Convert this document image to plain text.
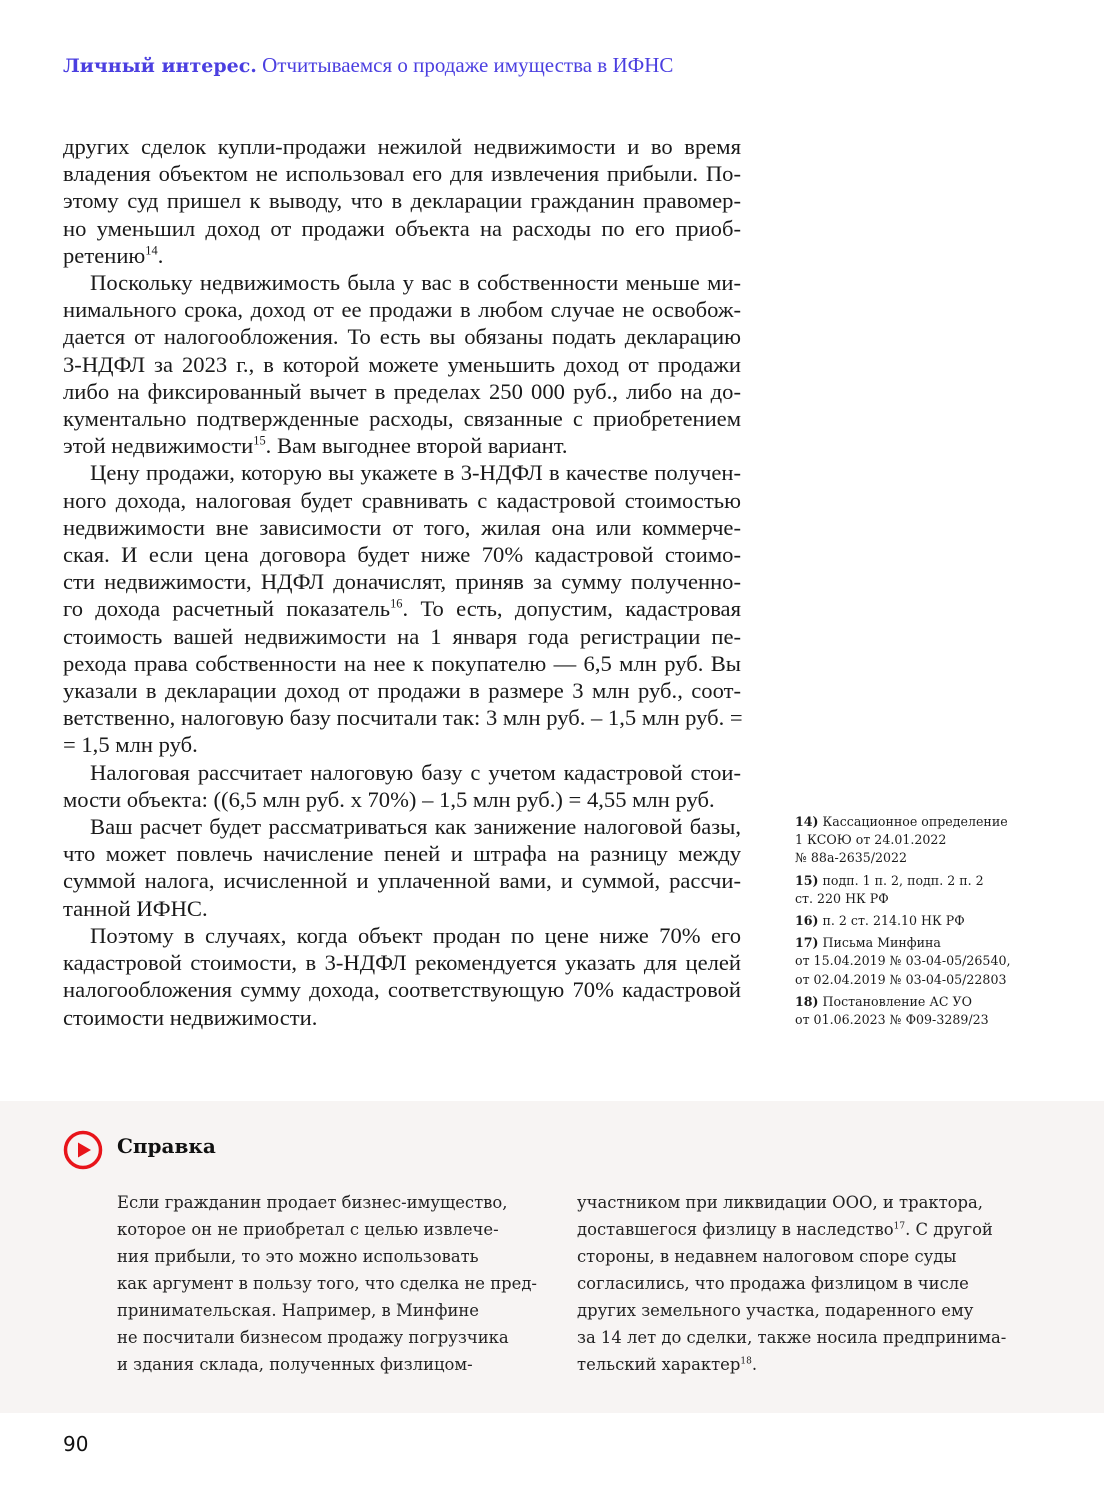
Личный интерес. Отчитываемся о продаже имущества в ИФНС

других сделок купли-продажи нежилой недвижимости и во время
владения объектом не использовал его для извлечения прибыли. По-
этому суд пришел к выводу, что в декларации гражданин правомер-
но уменьшил доход от продажи объекта на расходы по его приоб-
ретению$^{14}$.

Поскольку недвижимость была у вас в собственности меньше ми-
нимального срока, доход от ее продажи в любом случае не освобож-
дается от налогообложения. То есть вы обязаны подать декларацию
3-НДФЛ за 2023 г., в которой можете уменьшить доход от продажи
либо на фиксированный вычет в пределах 250 000 руб., либо на до-
кументально подтвержденные расходы, связанные с приобретением
этой недвижимости$^{15}$. Вам выгоднее второй вариант.

Цену продажи, которую вы укажете в 3-НДФЛ в качестве получен-
ного дохода, налоговая будет сравнивать с кадастровой стоимостью
недвижимости вне зависимости от того, жилая она или коммерче-
ская. И если цена договора будет ниже 70% кадастровой стоимо-
сти недвижимости, НДФЛ доначислят, приняв за сумму полученно-
го дохода расчетный показатель$^{16}$. То есть, допустим, кадастровая
стоимость вашей недвижимости на 1 января года регистрации пе-
рехода права собственности на нее к покупателю — 6,5 млн руб. Вы
указали в декларации доход от продажи в размере 3 млн руб., соот-
ветственно, налоговую базу посчитали так: 3 млн руб. – 1,5 млн руб. =
= 1,5 млн руб.

Налоговая рассчитает налоговую базу с учетом кадастровой стои-
мости объекта: ((6,5 млн руб. х 70%) – 1,5 млн руб.) = 4,55 млн руб.

Ваш расчет будет рассматриваться как занижение налоговой базы,
что может повлечь начисление пеней и штрафа на разницу между
суммой налога, исчисленной и уплаченной вами, и суммой, рассчи-
танной ИФНС.

Поэтому в случаях, когда объект продан по цене ниже 70% его
кадастровой стоимости, в 3-НДФЛ рекомендуется указать для целей
налогообложения сумму дохода, соответствующую 70% кадастровой
стоимости недвижимости.

14) Кассационное определение
1 КСОЮ от 24.01.2022
№ 88а-2635/2022
15) подп. 1 п. 2, подп. 2 п. 2
ст. 220 НК РФ
16) п. 2 ст. 214.10 НК РФ
17) Письма Минфина
от 15.04.2019 № 03-04-05/26540,
от 02.04.2019 № 03-04-05/22803
18) Постановление АС УО
от 01.06.2023 № Ф09-3289/23
Справка
Если гражданин продает бизнес-имущество,
которое он не приобретал с целью извлече-
ния прибыли, то это можно использовать
как аргумент в пользу того, что сделка не пред-
принимательская. Например, в Минфине
не посчитали бизнесом продажу погрузчика
и здания склада, полученных физлицом-
участником при ликвидации ООО, и трактора,
доставшегося физлицу в наследство$^{17}$. С другой
стороны, в недавнем налоговом споре суды
согласились, что продажа физлицом в числе
других земельного участка, подаренного ему
за 14 лет до сделки, также носила предпринима-
тельский характер$^{18}$.
90
